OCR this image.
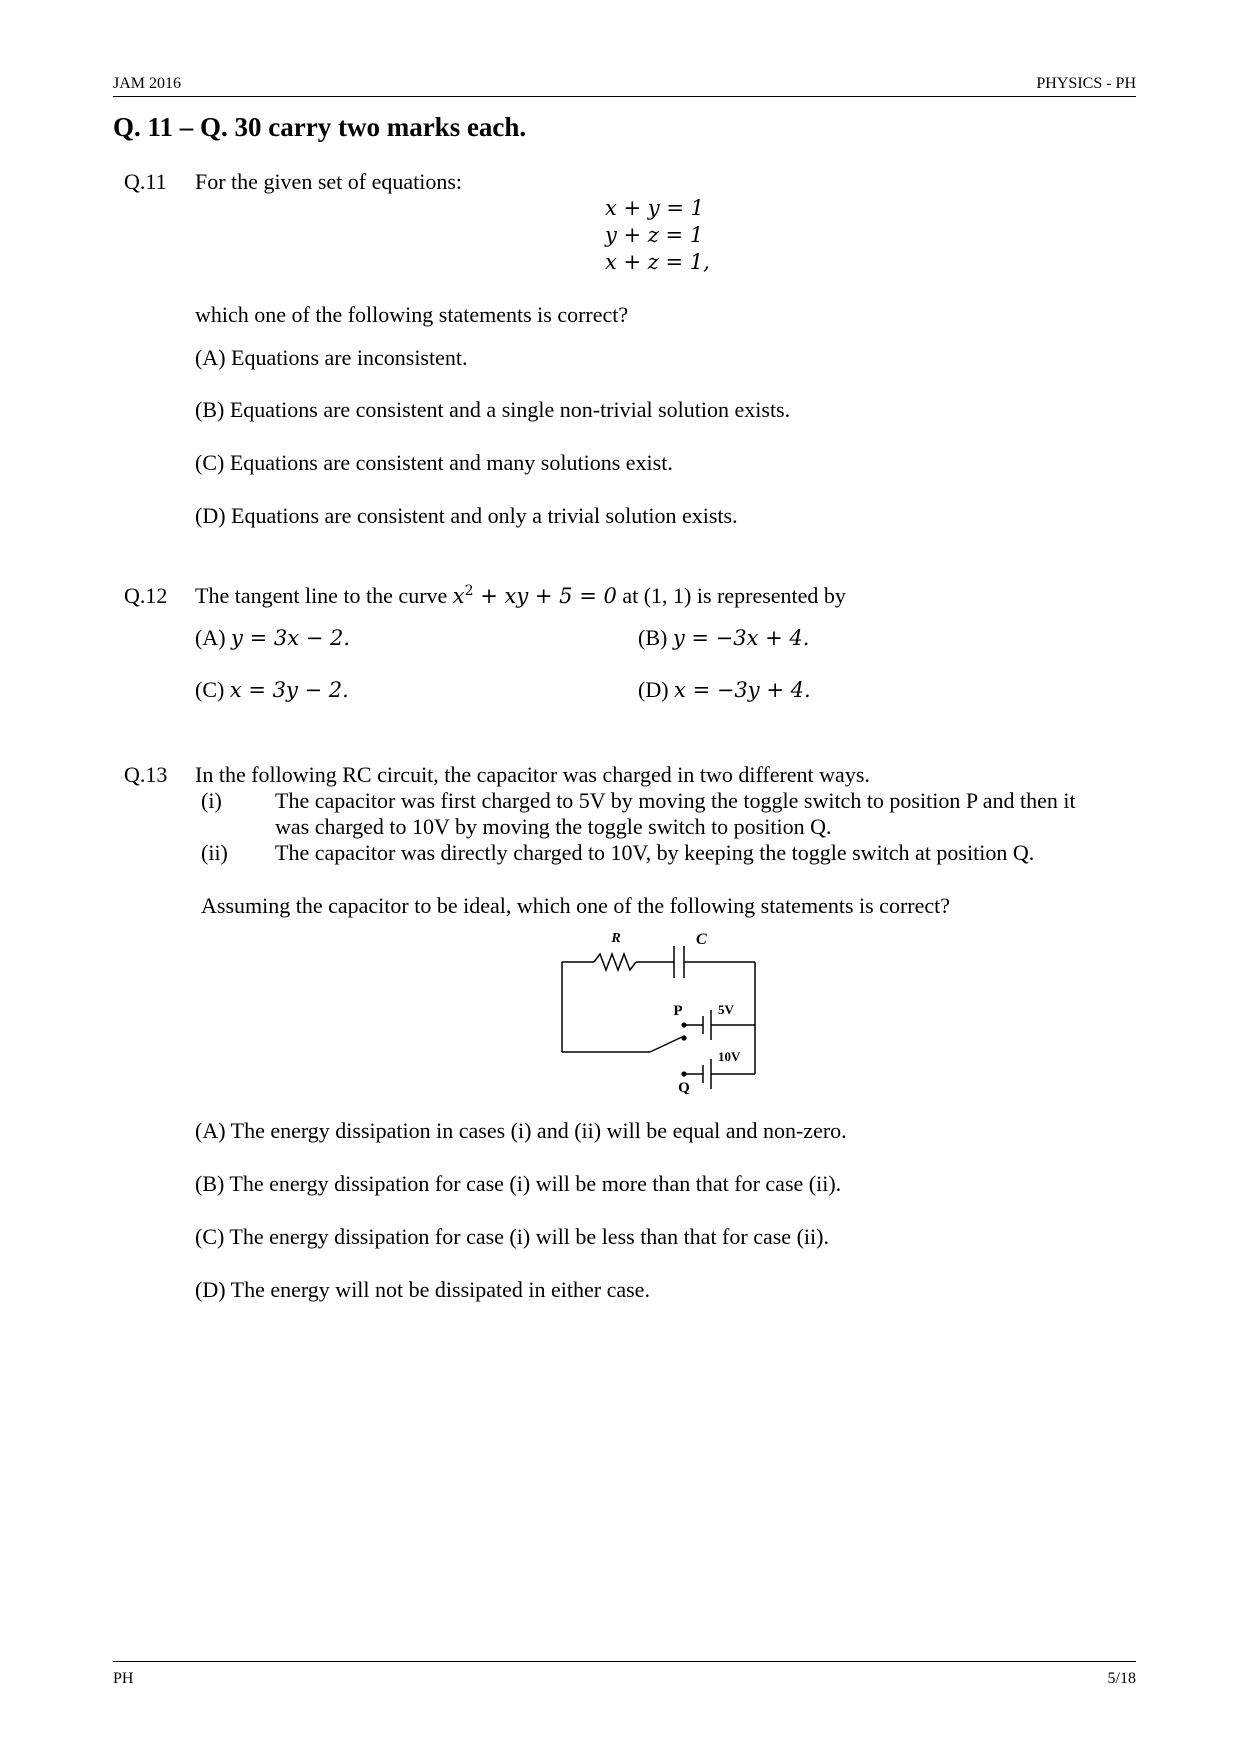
JAM 2016	PHYSICS - PH
Q. 11 – Q. 30 carry two marks each.
Q.11 For the given set of equations:
x + y = 1
y + z = 1
x + z = 1,
which one of the following statements is correct?
(A) Equations are inconsistent.
(B) Equations are consistent and a single non-trivial solution exists.
(C) Equations are consistent and many solutions exist.
(D) Equations are consistent and only a trivial solution exists.
Q.12 The tangent line to the curve $x^2$ + xy + 5 = 0 at (1, 1) is represented by
(A) y = 3x − 2.	(B) y = −3x + 4.
(C) x = 3y − 2.	(D) x = −3y + 4.
Q.13 In the following RC circuit, the capacitor was charged in two different ways.
(i) The capacitor was first charged to 5V by moving the toggle switch to position P and then it
was charged to 10V by moving the toggle switch to position Q.
(ii) The capacitor was directly charged to 10V, by keeping the toggle switch at position Q.
Assuming the capacitor to be ideal, which one of the following statements is correct?
R	C
P	5V
10V
Q
(A) The energy dissipation in cases (i) and (ii) will be equal and non-zero.
(B) The energy dissipation for case (i) will be more than that for case (ii).
(C) The energy dissipation for case (i) will be less than that for case (ii).
(D) The energy will not be dissipated in either case.
PH	5/18
